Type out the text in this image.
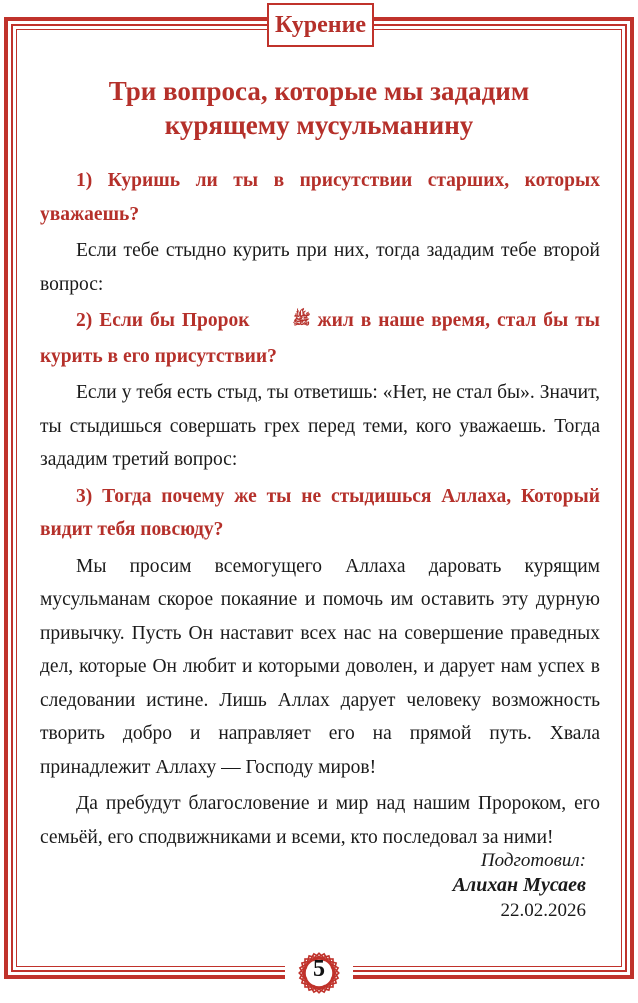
Курение
Три вопроса, которые мы зададим
курящему мусульманину

1) Куришь ли ты в присутствии старших, которых уважаешь?

Если тебе стыдно курить при них, тогда зададим тебе второй вопрос:

2) Если бы Пророк ﷺ жил в наше время, стал бы ты курить в его присутствии?

Если у тебя есть стыд, ты ответишь: «Нет, не стал бы». Значит, ты стыдишься совершать грех перед теми, кого уважаешь. Тогда зададим третий вопрос:

3) Тогда почему же ты не стыдишься Аллаха, Который видит тебя повсюду?

Мы просим всемогущего Аллаха даровать курящим мусульманам скорое покаяние и помочь им оставить эту дурную привычку. Пусть Он наставит всех нас на совершение праведных дел, которые Он любит и которыми доволен, и дарует нам успех в следовании истине. Лишь Аллах дарует человеку возможность творить добро и направляет его на прямой путь. Хвала принадлежит Аллаху — Господу миров!

Да пребудут благословение и мир над нашим Пророком, его семьёй, его сподвижниками и всеми, кто последовал за ними!

Подготовил:
Алихан Мусаев
22.02.2026
5
